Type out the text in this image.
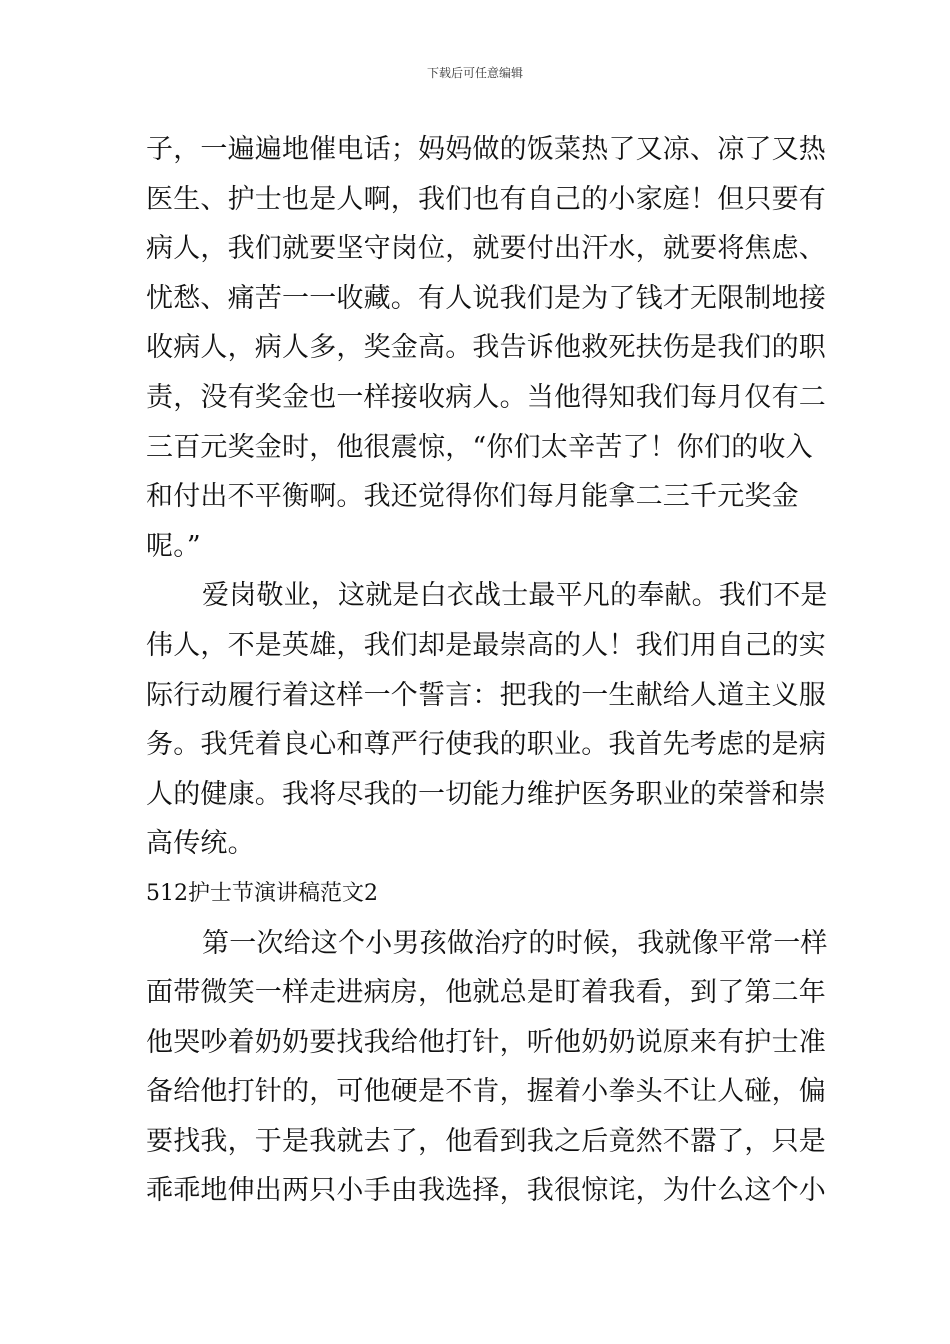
下载后可任意编辑
子，一遍遍地催电话；妈妈做的饭菜热了又凉、凉了又热
医生、护士也是人啊，我们也有自己的小家庭！但只要有
病人，我们就要坚守岗位，就要付出汗水，就要将焦虑、
忧愁、痛苦一一收藏。有人说我们是为了钱才无限制地接
收病人，病人多，奖金高。我告诉他救死扶伤是我们的职
责，没有奖金也一样接收病人。当他得知我们每月仅有二
三百元奖金时，他很震惊，“你们太辛苦了！你们的收入
和付出不平衡啊。我还觉得你们每月能拿二三千元奖金
呢。”
爱岗敬业，这就是白衣战士最平凡的奉献。我们不是
伟人，不是英雄，我们却是最崇高的人！我们用自己的实
际行动履行着这样一个誓言：把我的一生献给人道主义服
务。我凭着良心和尊严行使我的职业。我首先考虑的是病
人的健康。我将尽我的一切能力维护医务职业的荣誉和崇
高传统。
512护士节演讲稿范文2
第一次给这个小男孩做治疗的时候，我就像平常一样
面带微笑一样走进病房，他就总是盯着我看，到了第二年
他哭吵着奶奶要找我给他打针，听他奶奶说原来有护士准
备给他打针的，可他硬是不肯，握着小拳头不让人碰，偏
要找我，于是我就去了，他看到我之后竟然不嚣了，只是
乖乖地伸出两只小手由我选择，我很惊诧，为什么这个小
